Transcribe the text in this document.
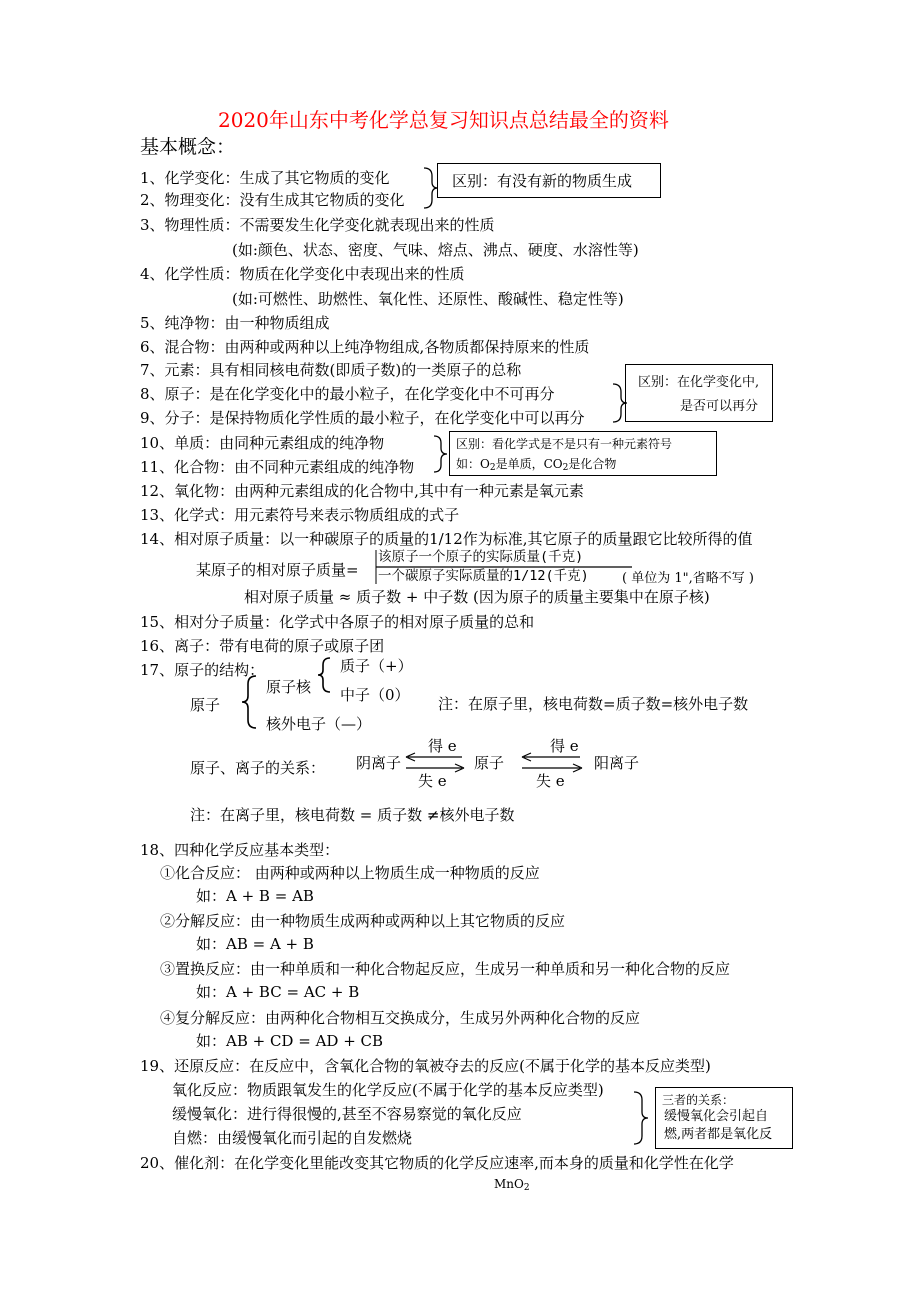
2020年山东中考化学总复习知识点总结最全的资料
基本概念：
1、化学变化：生成了其它物质的变化
2、物理变化：没有生成其它物质的变化
3、物理性质：不需要发生化学变化就表现出来的性质
(如:颜色、状态、密度、气味、熔点、沸点、硬度、水溶性等)
4、化学性质：物质在化学变化中表现出来的性质
(如:可燃性、助燃性、氧化性、还原性、酸碱性、稳定性等)
5、纯净物：由一种物质组成
6、混合物：由两种或两种以上纯净物组成,各物质都保持原来的性质
7、元素：具有相同核电荷数(即质子数)的一类原子的总称
8、原子：是在化学变化中的最小粒子，在化学变化中不可再分
9、分子：是保持物质化学性质的最小粒子，在化学变化中可以再分
10、单质：由同种元素组成的纯净物
11、化合物：由不同种元素组成的纯净物
12、氧化物：由两种元素组成的化合物中,其中有一种元素是氧元素
13、化学式：用元素符号来表示物质组成的式子
14、相对原子质量：以一种碳原子的质量的1/12作为标准,其它原子的质量跟它比较所得的值
某原子的相对原子质量=
该原子一个原子的实际质量(千克)
一个碳原子实际质量的1/12(千克)	( 单位为 1",省略不写 )
相对原子质量 ≈ 质子数 + 中子数 (因为原子的质量主要集中在原子核)
15、相对分子质量：化学式中各原子的相对原子质量的总和
16、离子：带有电荷的原子或原子团
17、原子的结构：
原子
原子核
质子（+）
中子（0）
核外电子（—）
注：在原子里，核电荷数=质子数=核外电子数
原子、离子的关系： 阴离子	原子	阳离子
得 e
失 e
得 e
失 e
注：在离子里，核电荷数 = 质子数 ≠核外电子数
18、四种化学反应基本类型：
①化合反应： 由两种或两种以上物质生成一种物质的反应
如：A + B = AB
②分解反应：由一种物质生成两种或两种以上其它物质的反应
如：AB = A + B
③置换反应：由一种单质和一种化合物起反应，生成另一种单质和另一种化合物的反应
如：A + BC = AC + B
④复分解反应：由两种化合物相互交换成分，生成另外两种化合物的反应
如：AB + CD = AD + CB
19、还原反应：在反应中，含氧化合物的氧被夺去的反应(不属于化学的基本反应类型)
氧化反应：物质跟氧发生的化学反应(不属于化学的基本反应类型)
缓慢氧化：进行得很慢的,甚至不容易察觉的氧化反应
自燃：由缓慢氧化而引起的自发燃烧
20、催化剂：在化学变化里能改变其它物质的化学反应速率,而本身的质量和化学性在化学
MnO$_2$
区别：有没有新的物质生成
区别：在化学变化中,
是否可以再分
区别：看化学式是不是只有一种元素符号
如：$O_2$是单质，$CO_2$是化合物
三者的关系：
缓慢氧化会引起自
燃,两者都是氧化反
